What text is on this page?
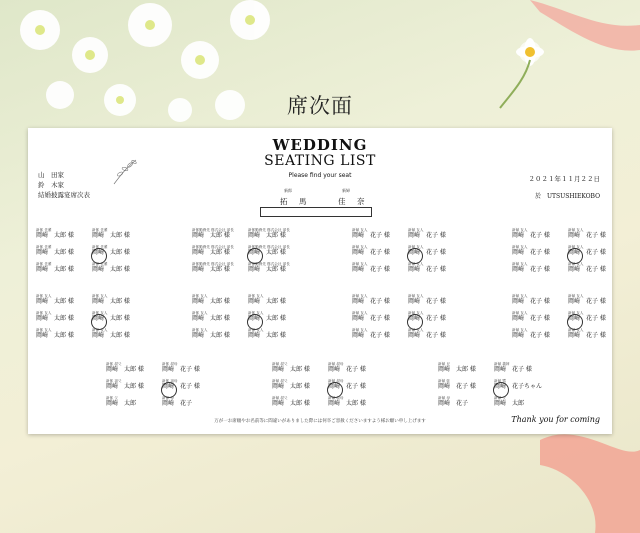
席次面
WEDDING
SEATING LIST
Please find your seat
山　田家
鈴　木家
結婚披露宴席次表
２０２１年１１月２２日
於　UTSUSHIEKOBO
新郎	新婦
拓　馬	佳　奈
新郎 先輩
岡崎　太郎 様
新郎 先輩
岡崎　太郎 様
新郎 先輩
岡崎　太郎 様
新郎 先輩
岡崎　太郎 様
新郎 先輩
岡崎　太郎 様
新郎 先輩
岡崎　太郎 様
新郎勤務先 株式会社 部長
岡崎　太郎 様
新郎勤務先 株式会社 部長
岡崎　太郎 様
新郎勤務先 株式会社 部長
岡崎　太郎 様
新郎勤務先 株式会社 部長
岡崎　太郎 様
新郎勤務先 株式会社 部長
岡崎　太郎 様
新郎勤務先 株式会社 部長
岡崎　太郎 様
新婦 友人
岡崎　花子 様
新婦 友人
岡崎　花子 様
新婦 友人
岡崎　花子 様
新婦 友人
岡崎　花子 様
新婦 友人
岡崎　花子 様
新婦 友人
岡崎　花子 様
新婦 友人
岡崎　花子 様
新婦 友人
岡崎　花子 様
新婦 友人
岡崎　花子 様
新婦 友人
岡崎　花子 様
新婦 友人
岡崎　花子 様
新婦 友人
岡崎　花子 様
新郎 友人
岡崎　太郎 様
新郎 友人
岡崎　太郎 様
新郎 友人
岡崎　太郎 様
新郎 友人
岡崎　太郎 様
新郎 友人
岡崎　太郎 様
新郎 友人
岡崎　太郎 様
新郎 友人
岡崎　太郎 様
新郎 友人
岡崎　太郎 様
新郎 友人
岡崎　太郎 様
新郎 友人
岡崎　太郎 様
新郎 友人
岡崎　太郎 様
新郎 友人
岡崎　太郎 様
新婦 友人
岡崎　花子 様
新婦 友人
岡崎　花子 様
新婦 友人
岡崎　花子 様
新婦 友人
岡崎　花子 様
新婦 友人
岡崎　花子 様
新婦 友人
岡崎　花子 様
新婦 友人
岡崎　花子 様
新婦 友人
岡崎　花子 様
新婦 友人
岡崎　花子 様
新婦 友人
岡崎　花子 様
新婦 友人
岡崎　花子 様
新婦 友人
岡崎　花子 様
新郎 叔父
岡崎　太郎 様
新郎 叔母
岡崎　花子 様
新郎 祖父
岡崎　太郎 様
新郎 祖母
岡崎　花子 様
新郎 父
岡崎　太郎
新郎 母
岡崎　花子
新婦 叔父
岡崎　太郎 様
新婦 叔母
岡崎　花子 様
新婦 叔父
岡崎　太郎 様
新婦 叔母
岡崎　花子 様
新婦 叔父
岡崎　太郎 様
新婦 叔母
岡崎　太郎 様
新婦 兄
岡崎　太郎 様
新婦 義姉
岡崎　花子 様
新婦 姪
岡崎　花子 様
新婦 甥
岡崎　花子ちゃん
新婦 母
岡崎　花子
新婦 父
岡崎　太郎
万が一お席順やお名前等に間違いがありました際には何卒ご容赦くださいますよう様お願い申し上げます	Thank you for coming
